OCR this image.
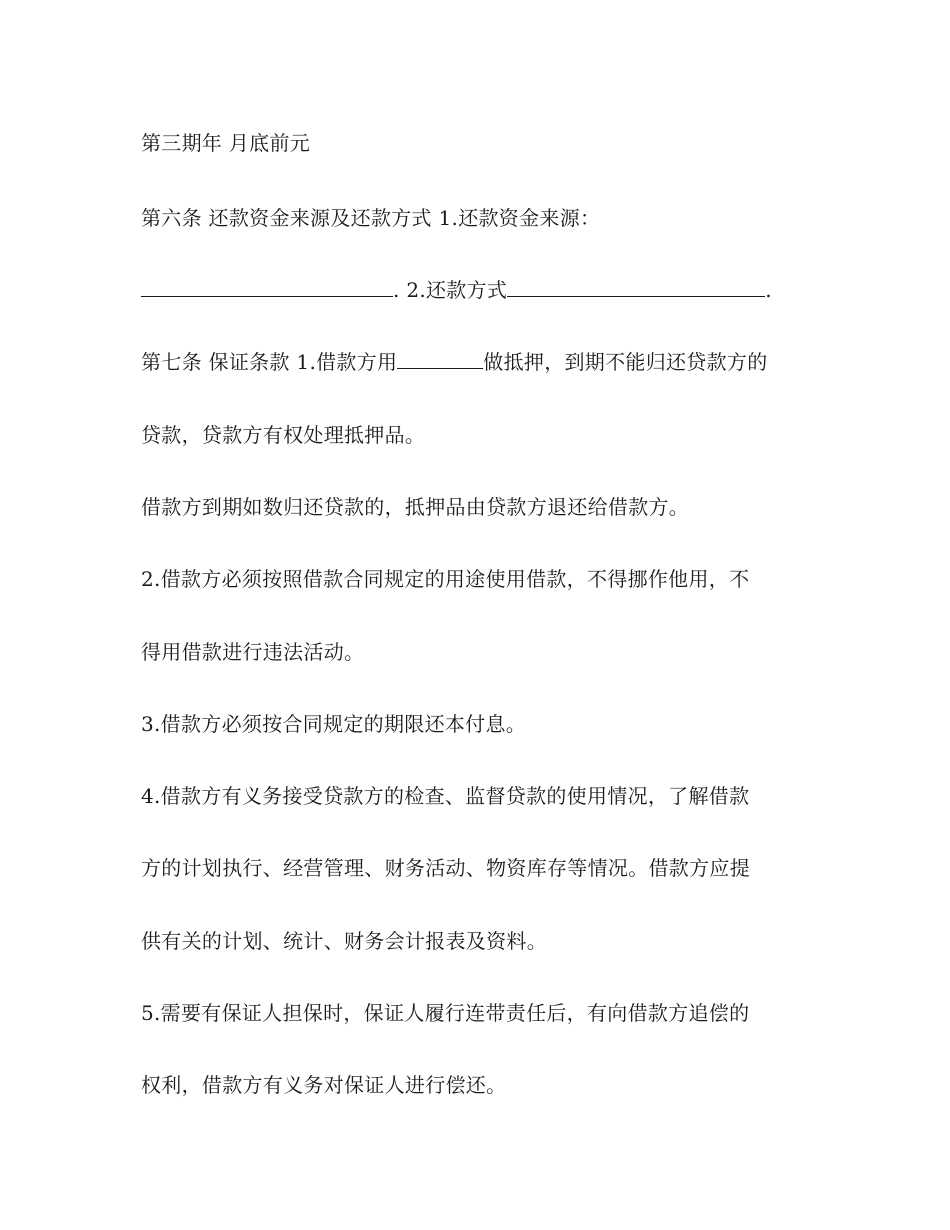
第三期年 月底前元
第六条 还款资金来源及还款方式 1.还款资金来源：
. 2.还款方式	.
第七条 保证条款 1.借款方用	做抵押，到期不能归还贷款方的
贷款，贷款方有权处理抵押品。
借款方到期如数归还贷款的，抵押品由贷款方退还给借款方。
2.借款方必须按照借款合同规定的用途使用借款，不得挪作他用，不
得用借款进行违法活动。
3.借款方必须按合同规定的期限还本付息。
4.借款方有义务接受贷款方的检查、监督贷款的使用情况，了解借款
方的计划执行、经营管理、财务活动、物资库存等情况。借款方应提
供有关的计划、统计、财务会计报表及资料。
5.需要有保证人担保时，保证人履行连带责任后，有向借款方追偿的
权利，借款方有义务对保证人进行偿还。
